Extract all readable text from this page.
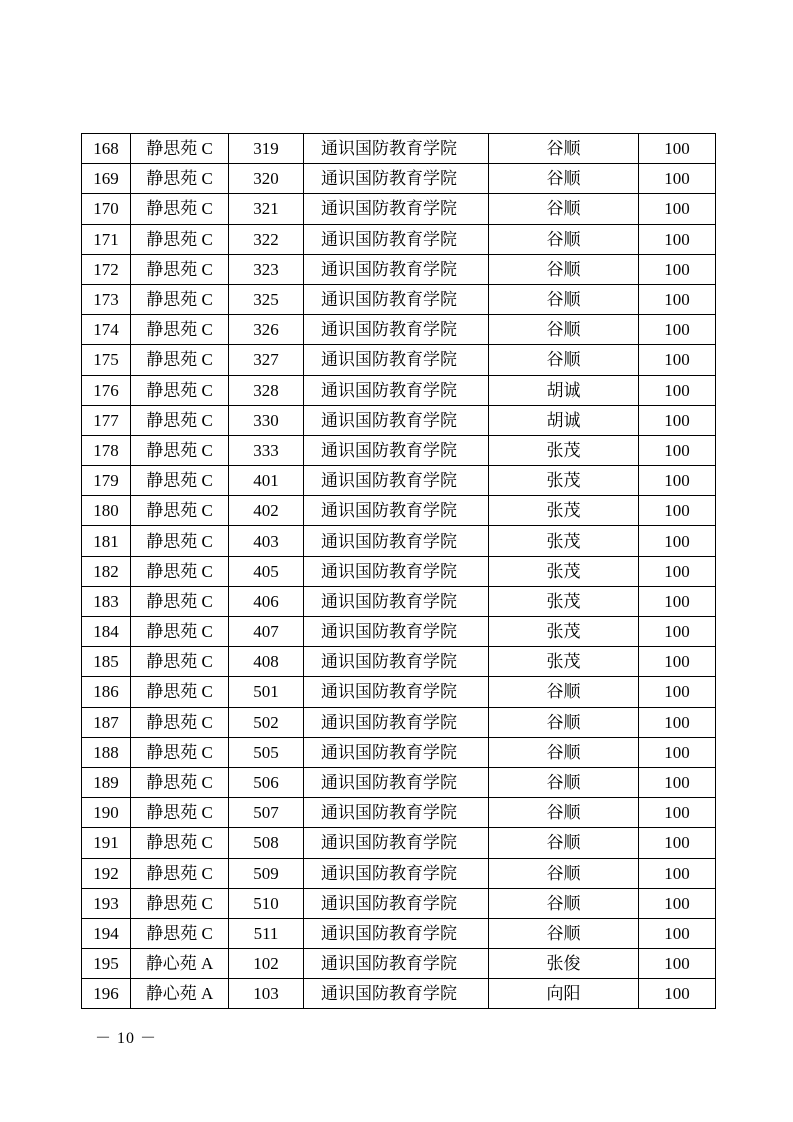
168	静思苑 C	319	通识国防教育学院	谷顺	100
169	静思苑 C	320	通识国防教育学院	谷顺	100
170	静思苑 C	321	通识国防教育学院	谷顺	100
171	静思苑 C	322	通识国防教育学院	谷顺	100
172	静思苑 C	323	通识国防教育学院	谷顺	100
173	静思苑 C	325	通识国防教育学院	谷顺	100
174	静思苑 C	326	通识国防教育学院	谷顺	100
175	静思苑 C	327	通识国防教育学院	谷顺	100
176	静思苑 C	328	通识国防教育学院	胡诚	100
177	静思苑 C	330	通识国防教育学院	胡诚	100
178	静思苑 C	333	通识国防教育学院	张茂	100
179	静思苑 C	401	通识国防教育学院	张茂	100
180	静思苑 C	402	通识国防教育学院	张茂	100
181	静思苑 C	403	通识国防教育学院	张茂	100
182	静思苑 C	405	通识国防教育学院	张茂	100
183	静思苑 C	406	通识国防教育学院	张茂	100
184	静思苑 C	407	通识国防教育学院	张茂	100
185	静思苑 C	408	通识国防教育学院	张茂	100
186	静思苑 C	501	通识国防教育学院	谷顺	100
187	静思苑 C	502	通识国防教育学院	谷顺	100
188	静思苑 C	505	通识国防教育学院	谷顺	100
189	静思苑 C	506	通识国防教育学院	谷顺	100
190	静思苑 C	507	通识国防教育学院	谷顺	100
191	静思苑 C	508	通识国防教育学院	谷顺	100
192	静思苑 C	509	通识国防教育学院	谷顺	100
193	静思苑 C	510	通识国防教育学院	谷顺	100
194	静思苑 C	511	通识国防教育学院	谷顺	100
195	静心苑 A	102	通识国防教育学院	张俊	100
196	静心苑 A	103	通识国防教育学院	向阳	100
－ 10 －
